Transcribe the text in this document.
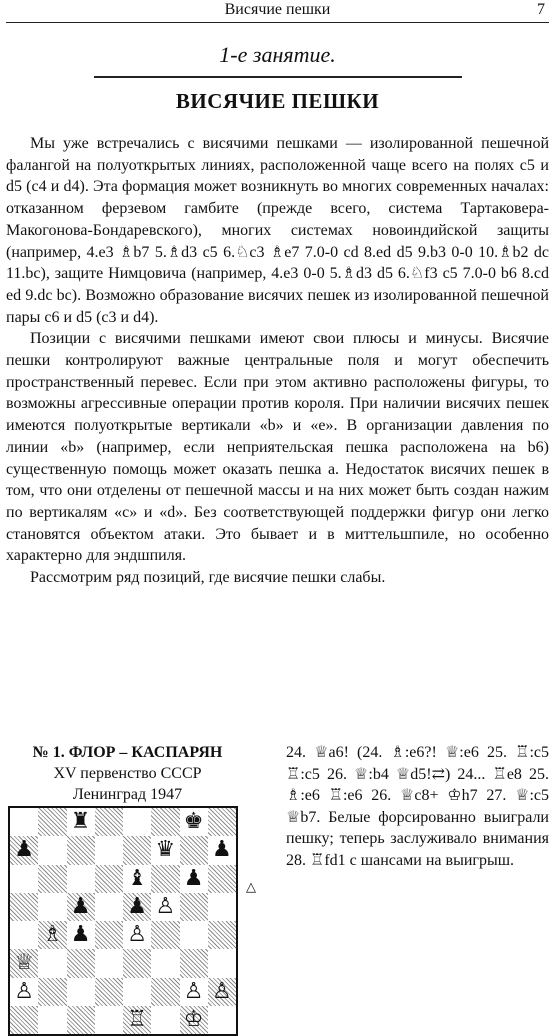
Висячие пешки	7
1-е занятие.
ВИСЯЧИЕ ПЕШКИ

Мы уже встречались с висячими пешками — изолированной пешечной фалангой на полуоткрытых линиях, расположенной чаще всего на полях c5 и d5 (c4 и d4). Эта формация может возникнуть во многих современных началах: отказанном ферзевом гамбите (прежде всего, система Тартаковера-Макогонова-Бондаревского), многих системах новоиндийской защиты (например, 4.e3 ♗b7 5.♗d3 c5 6.♘c3 ♗e7 7.0-0 cd 8.ed d5 9.b3 0-0 10.♗b2 dc 11.bc), защите Нимцовича (например, 4.e3 0-0 5.♗d3 d5 6.♘f3 c5 7.0-0 b6 8.cd ed 9.dc bc). Возможно образование висячих пешек из изолированной пешечной пары c6 и d5 (c3 и d4).

Позиции с висячими пешками имеют свои плюсы и минусы. Висячие пешки контролируют важные центральные поля и могут обеспечить пространственный перевес. Если при этом активно расположены фигуры, то возможны агрессивные операции против короля. При наличии висячих пешек имеются полуоткрытые вертикали «b» и «e». В организации давления по линии «b» (например, если неприятельская пешка расположена на b6) существенную помощь может оказать пешка а. Недостаток висячих пешек в том, что они отделены от пешечной массы и на них может быть создан нажим по вертикалям «c» и «d». Без соответствующей поддержки фигур они легко становятся объектом атаки. Это бывает и в миттельшпиле, но особенно характерно для эндшпиля.

Рассмотрим ряд позиций, где висячие пешки слабы.

№ 1. ФЛОР – КАСПАРЯН
XV первенство СССР
Ленинград 1947
24. ♕a6! (24. ♗:e6?! ♕:e6 25. ♖:c5 ♖:c5 26. ♕:b4 ♕d5!⇄) 24... ♖e8 25. ♗:e6 ♖:e6 26. ♕c8+ ♔h7 27. ♕:c5 ♕b7. Белые форсированно выиграли пешку; теперь заслуживало внимания 28. ♖fd1 с шансами на выигрыш.
♜	♚
♟	♛ ♟
♝ ♟
♟ ♟ ♙
♗ ♟ ♙
♕
♙	♙ ♙
♖ ♔
△
